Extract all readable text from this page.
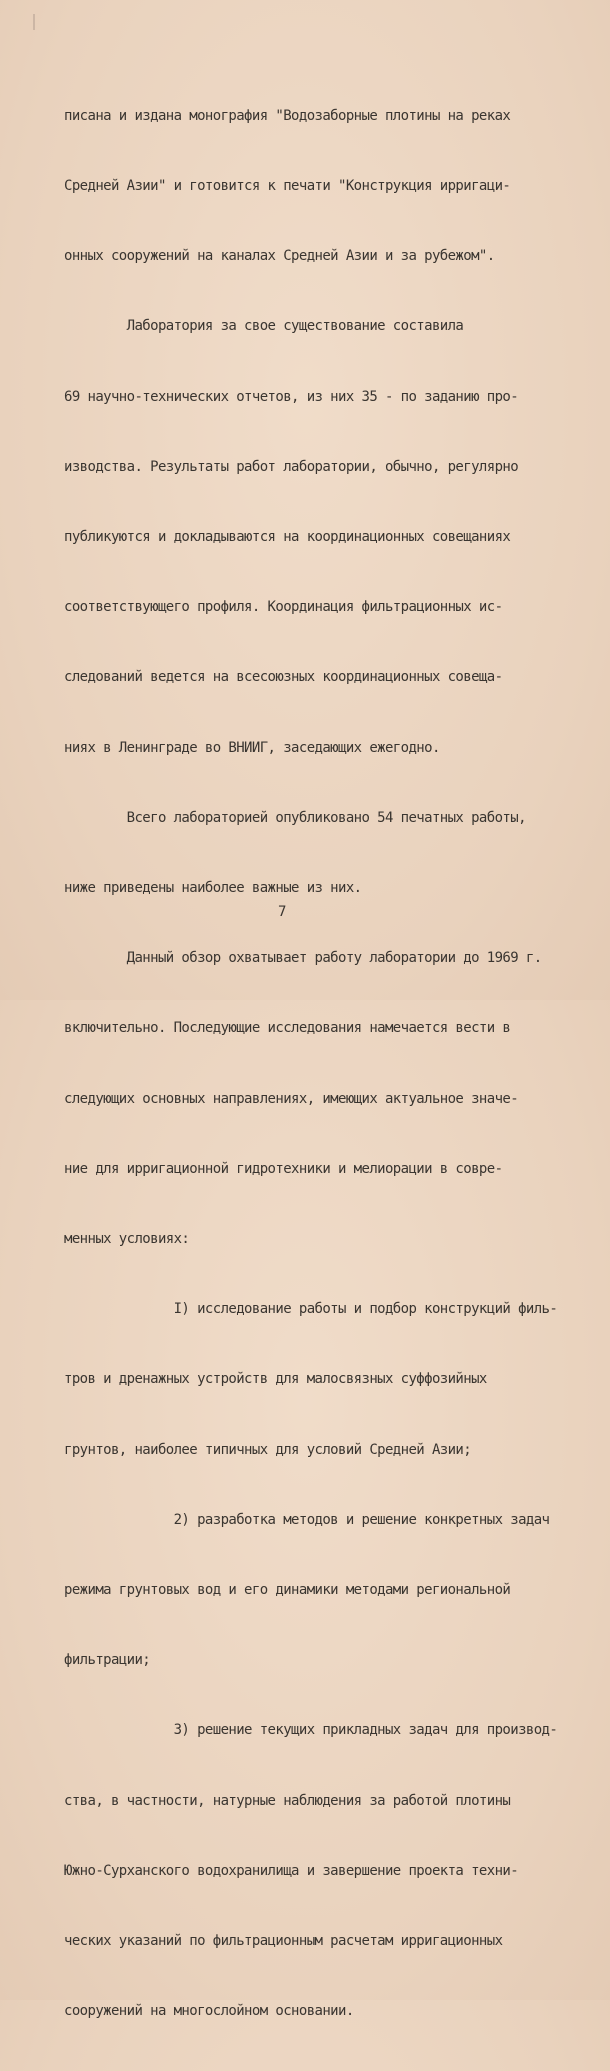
писана и издана монография "Водозаборные плотины на реках

Средней Азии" и готовится к печати "Конструкция ирригаци-

онных сооружений на каналах Средней Азии и за рубежом".

Лаборатория за свое существование составила

69 научно-технических отчетов, из них 35 - по заданию про-

изводства. Результаты работ лаборатории, обычно, регулярно

публикуются и докладываются на координационных совещаниях

соответствующего профиля. Координация фильтрационных ис-

следований ведется на всесоюзных координационных совеща-

ниях в Ленинграде во ВНИИГ, заседающих ежегодно.

Всего лабораторией опубликовано 54 печатных работы,

ниже приведены наиболее важные из них.

Данный обзор охватывает работу лаборатории до 1969 г.

включительно. Последующие исследования намечается вести в

следующих основных направлениях, имеющих актуальное значе-

ние для ирригационной гидротехники и мелиорации в совре-

менных условиях:

I) исследование работы и подбор конструкций филь-

тров и дренажных устройств для малосвязных суффозийных

грунтов, наиболее типичных для условий Средней Азии;

2) разработка методов и решение конкретных задач

режима грунтовых вод и его динамики методами региональной

фильтрации;

3) решение текущих прикладных задач для производ-

ства, в частности, натурные наблюдения за работой плотины

Южно-Сурханского водохранилища и завершение проекта техни-

ческих указаний по фильтрационным расчетам ирригационных

сооружений на многослойном основании.

7
